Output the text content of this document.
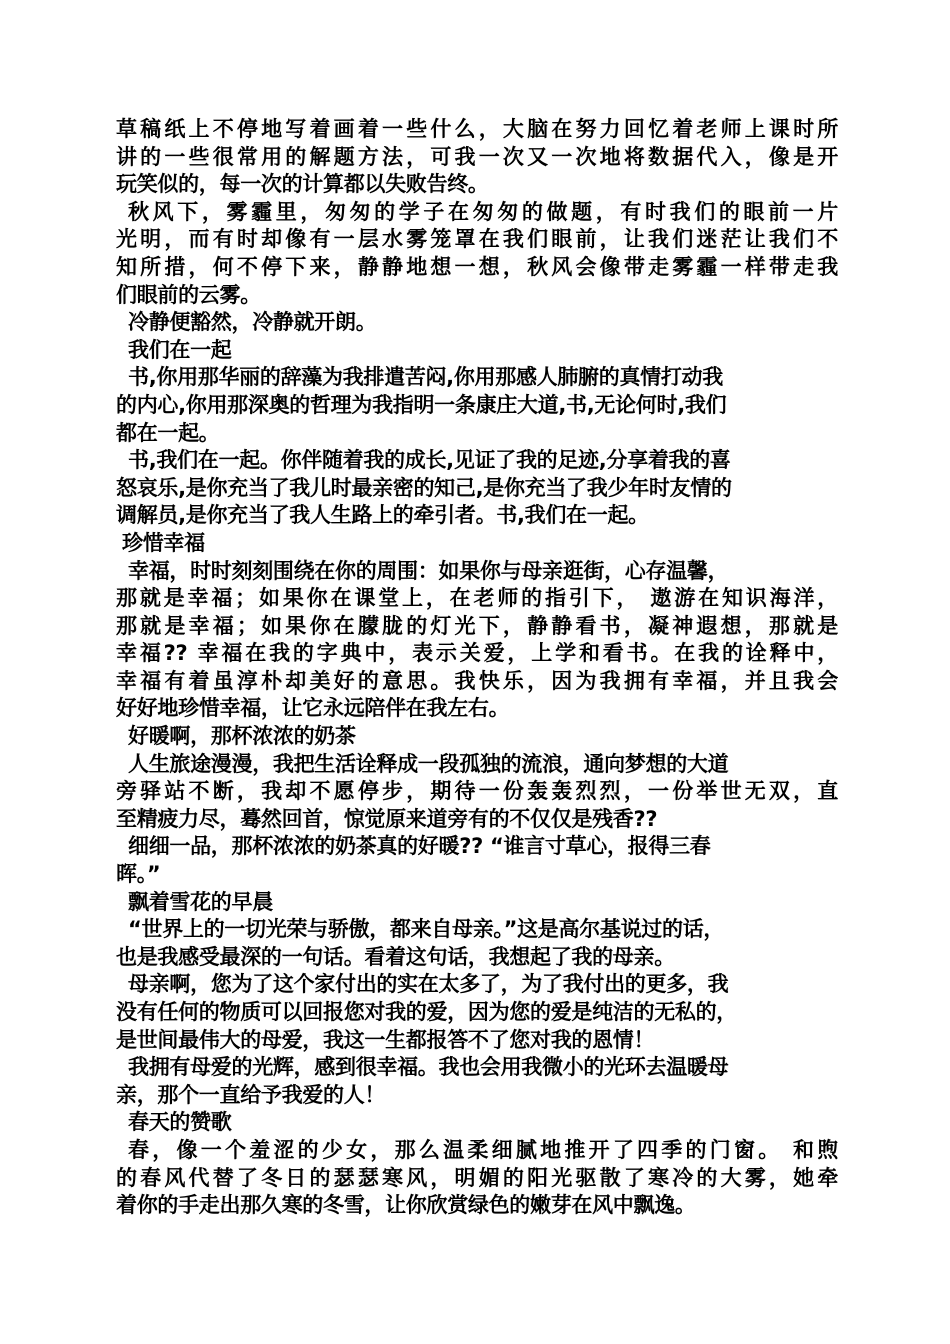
草稿纸上不停地写着画着一些什么，大脑在努力回忆着老师上课时所
讲的一些很常用的解题方法，可我一次又一次地将数据代入，像是开
玩笑似的，每一次的计算都以失败告终。
秋风下，雾霾里，匆匆的学子在匆匆的做题，有时我们的眼前一片
光明，而有时却像有一层水雾笼罩在我们眼前，让我们迷茫让我们不
知所措，何不停下来，静静地想一想，秋风会像带走雾霾一样带走我
们眼前的云雾。
冷静便豁然，冷静就开朗。
我们在一起
书,你用那华丽的辞藻为我排遣苦闷,你用那感人肺腑的真情打动我
的内心,你用那深奥的哲理为我指明一条康庄大道,书,无论何时,我们
都在一起。
书,我们在一起。你伴随着我的成长,见证了我的足迹,分享着我的喜
怒哀乐,是你充当了我儿时最亲密的知己,是你充当了我少年时友情的
调解员,是你充当了我人生路上的牵引者。书,我们在一起。
珍惜幸福
幸福，时时刻刻围绕在你的周围：如果你与母亲逛街，心存温馨，
那就是幸福；如果你在课堂上，在老师的指引下， 遨游在知识海洋，
那就是幸福；如果你在朦胧的灯光下，静静看书，凝神遐想，那就是
幸福?? 幸福在我的字典中，表示关爱，上学和看书。在我的诠释中，
幸福有着虽淳朴却美好的意思。我快乐，因为我拥有幸福，并且我会
好好地珍惜幸福，让它永远陪伴在我左右。
好暖啊，那杯浓浓的奶茶
人生旅途漫漫，我把生活诠释成一段孤独的流浪，通向梦想的大道
旁驿站不断，我却不愿停步，期待一份轰轰烈烈，一份举世无双，直
至精疲力尽，蓦然回首，惊觉原来道旁有的不仅仅是残香??
细细一品，那杯浓浓的奶茶真的好暖?? “谁言寸草心，报得三春
晖。”
飘着雪花的早晨
“世界上的一切光荣与骄傲，都来自母亲。”这是高尔基说过的话，
也是我感受最深的一句话。看着这句话，我想起了我的母亲。
母亲啊，您为了这个家付出的实在太多了，为了我付出的更多，我
没有任何的物质可以回报您对我的爱，因为您的爱是纯洁的无私的，
是世间最伟大的母爱，我这一生都报答不了您对我的恩情！
我拥有母爱的光辉，感到很幸福。我也会用我微小的光环去温暖母
亲，那个一直给予我爱的人！
春天的赞歌
春，像一个羞涩的少女，那么温柔细腻地推开了四季的门窗。 和煦
的春风代替了冬日的瑟瑟寒风，明媚的阳光驱散了寒冷的大雾，她牵
着你的手走出那久寒的冬雪，让你欣赏绿色的嫩芽在风中飘逸。
